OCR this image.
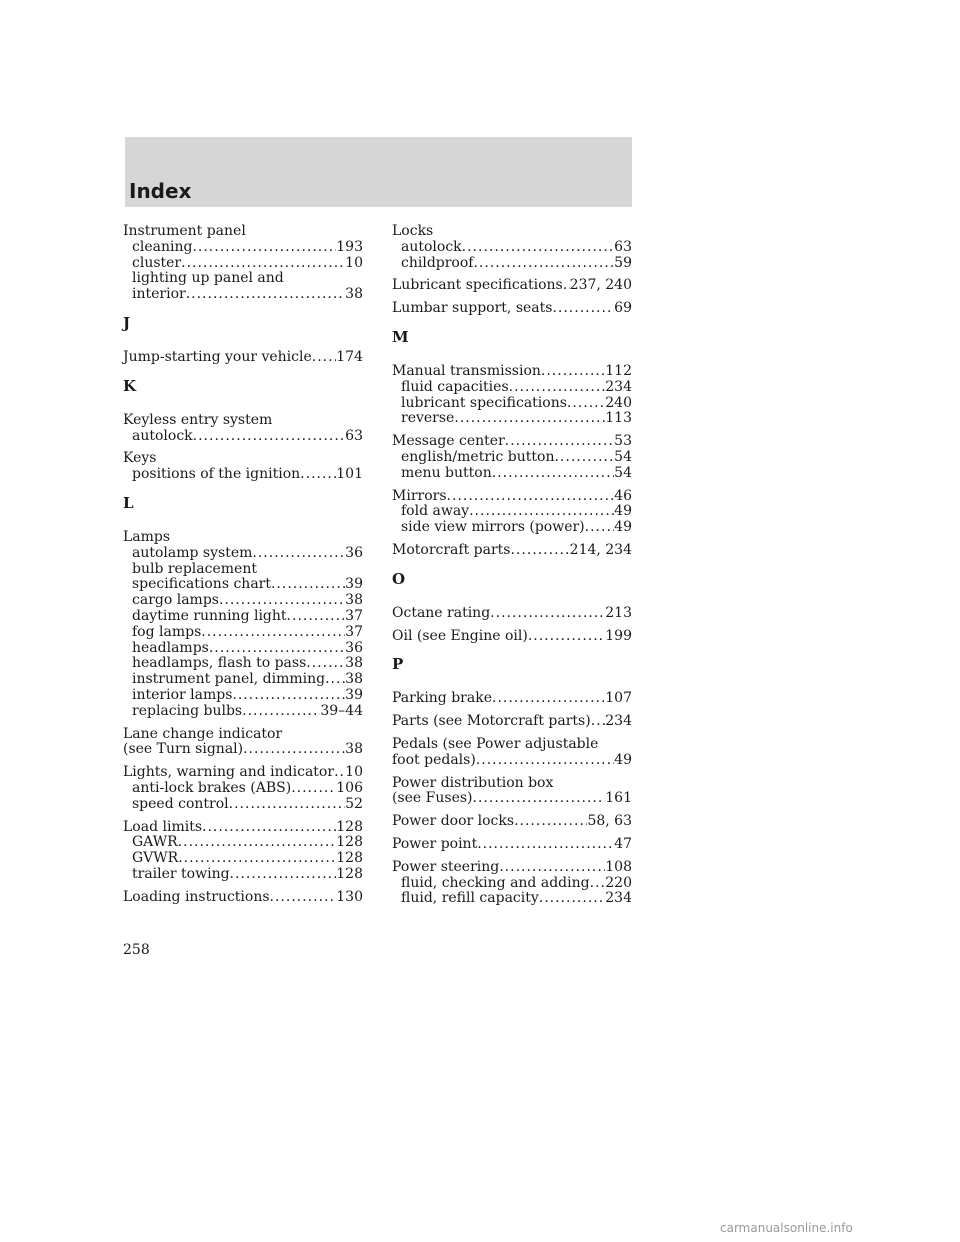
Index
Instrument panel
cleaning .....	193
cluster .....	10
lighting up panel and
interior .....	38
J
Jump-starting your vehicle ..... 174
K
Keyless entry system
autolock .....	63
Keys
positions of the ignition .....	101
L
Lamps
autolamp system .....	36
bulb replacement
specifications chart .....	39
cargo lamps .....	38
daytime running light .....	37
fog lamps .....	37
headlamps .....	36
headlamps, flash to pass .....	38
instrument panel, dimming ..... 38
interior lamps .....	39
replacing bulbs .....	39–44
Lane change indicator
(see Turn signal) .....	38
Lights, warning and indicator ..... 10
anti-lock brakes (ABS) .....	106
speed control .....	52
Load limits .....	128
GAWR .....	128
GVWR .....	128
trailer towing .....	128
Loading instructions .....	130
Locks
autolock .....	63
childproof .....	59
Lubricant specifications ..... 237, 240
Lumbar support, seats .....	69
M
Manual transmission .....	112
fluid capacities .....	234
lubricant specifications .....	240
reverse .....	113
Message center .....	53
english/metric button .....	54
menu button .....	54
Mirrors .....	46
fold away .....	49
side view mirrors (power) ..... 49
Motorcraft parts .....	214, 234
O
Octane rating .....	213
Oil (see Engine oil) .....	199
P
Parking brake .....	107
Parts (see Motorcraft parts) ..... 234
Pedals (see Power adjustable
foot pedals) .....	49
Power distribution box
(see Fuses) .....	161
Power door locks .....	58, 63
Power point .....	47
Power steering .....	108
fluid, checking and adding ..... 220
fluid, refill capacity .....	234
258
carmanualsonline.info
